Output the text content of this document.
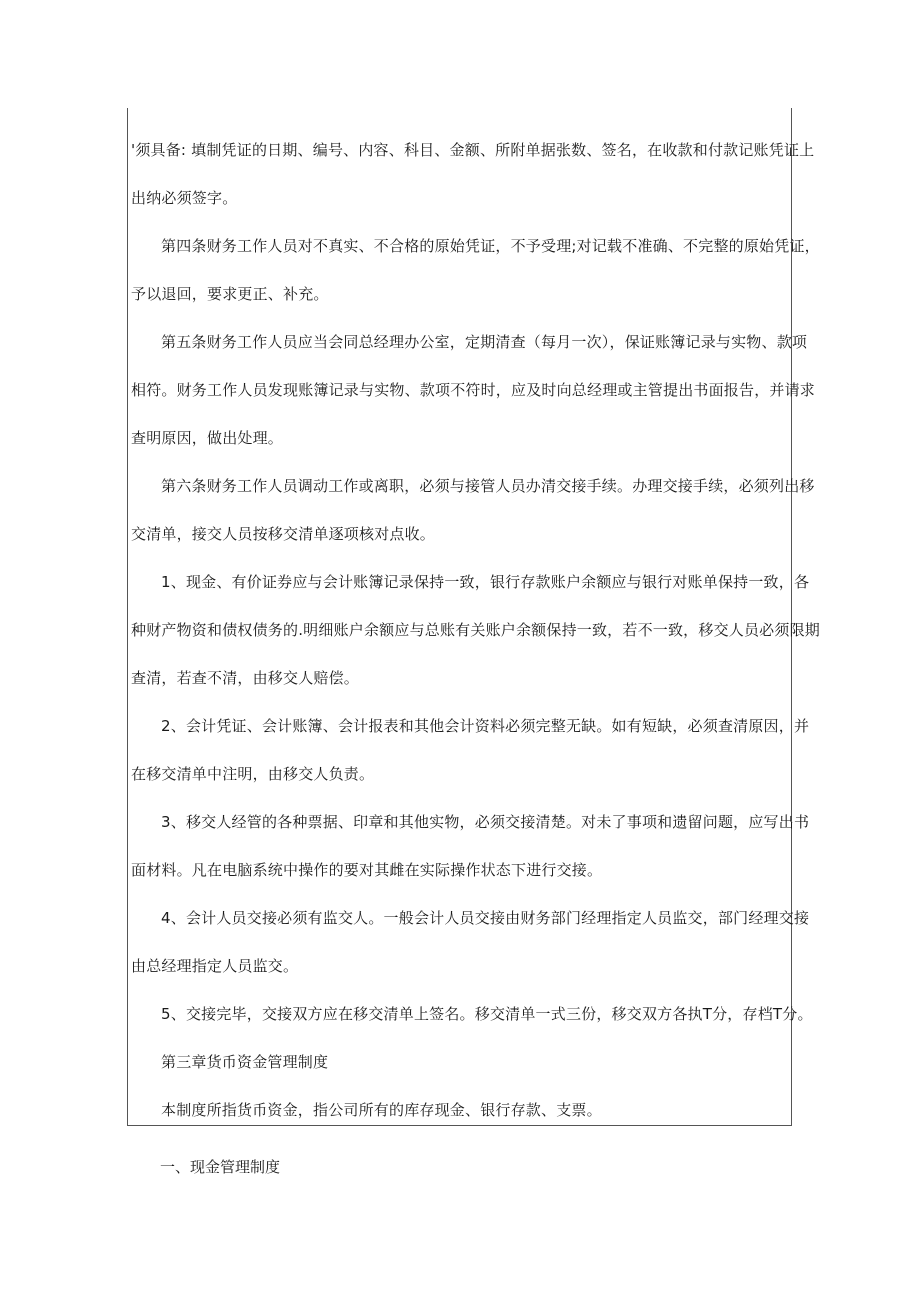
'须具备: 填制凭证的日期、编号、内容、科目、金额、所附单据张数、签名，在收款和付款记账凭证上
出纳必须签字。

第四条财务工作人员对不真实、不合格的原始凭证，不予受理;对记载不准确、不完整的原始凭证，
予以退回，要求更正、补充。

第五条财务工作人员应当会同总经理办公室，定期清查（每月一次），保证账簿记录与实物、款项
相符。财务工作人员发现账簿记录与实物、款项不符时，应及时向总经理或主管提出书面报告，并请求
查明原因，做出处理。

第六条财务工作人员调动工作或离职，必须与接管人员办清交接手续。办理交接手续，必须列出移
交清单，接交人员按移交清单逐项核对点收。

1、现金、有价证券应与会计账簿记录保持一致，银行存款账户余额应与银行对账单保持一致，各
种财产物资和债权债务的.明细账户余额应与总账有关账户余额保持一致，若不一致，移交人员必须限期
查清，若查不清，由移交人赔偿。

2、会计凭证、会计账簿、会计报表和其他会计资料必须完整无缺。如有短缺，必须查清原因，并
在移交清单中注明，由移交人负责。

3、移交人经管的各种票据、印章和其他实物，必须交接清楚。对未了事项和遗留问题，应写出书
面材料。凡在电脑系统中操作的要对其雌在实际操作状态下进行交接。

4、会计人员交接必须有监交人。一般会计人员交接由财务部门经理指定人员监交，部门经理交接
由总经理指定人员监交。

5、交接完毕，交接双方应在移交清单上签名。移交清单一式三份，移交双方各执T分，存档T分。

第三章货币资金管理制度

本制度所指货币资金，指公司所有的库存现金、银行存款、支票。

一、现金管理制度
